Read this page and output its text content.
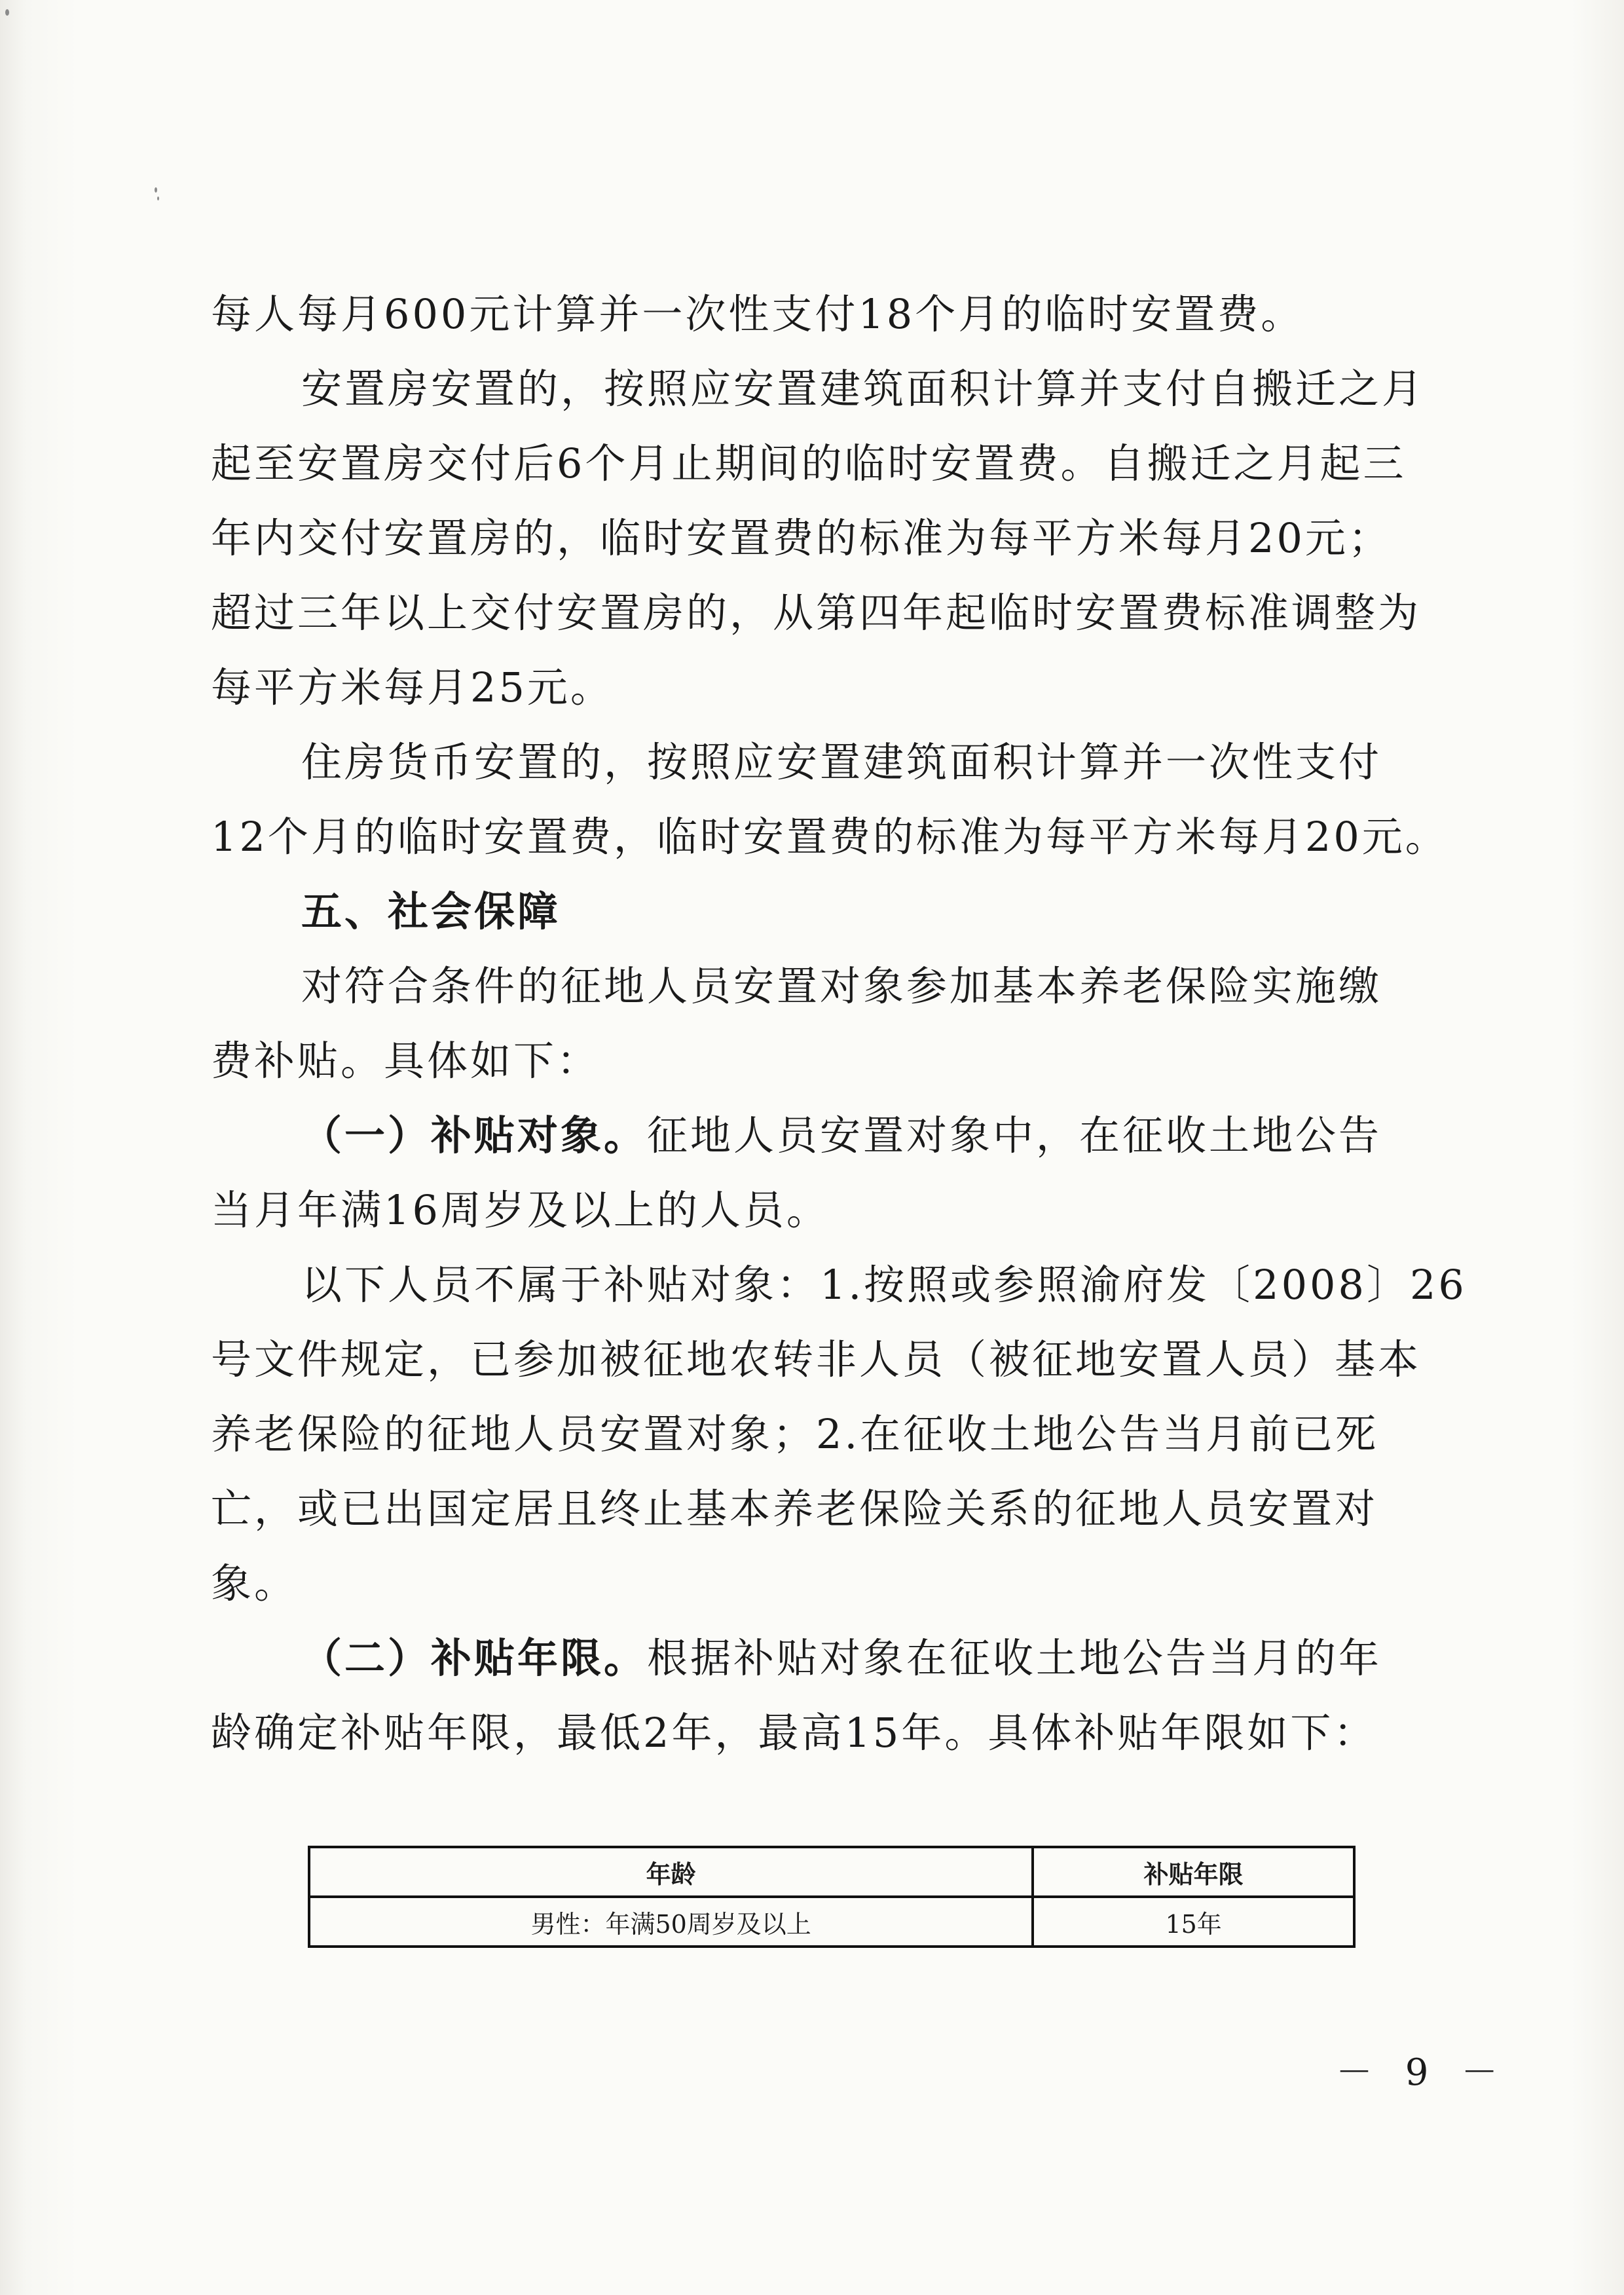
每人每月600元计算并一次性支付18个月的临时安置费。
安置房安置的，按照应安置建筑面积计算并支付自搬迁之月
起至安置房交付后6个月止期间的临时安置费。自搬迁之月起三
年内交付安置房的，临时安置费的标准为每平方米每月20元；
超过三年以上交付安置房的，从第四年起临时安置费标准调整为
每平方米每月25元。
住房货币安置的，按照应安置建筑面积计算并一次性支付
12个月的临时安置费，临时安置费的标准为每平方米每月20元。
五、社会保障
对符合条件的征地人员安置对象参加基本养老保险实施缴
费补贴。具体如下：
（一）补贴对象。征地人员安置对象中，在征收土地公告
当月年满16周岁及以上的人员。
以下人员不属于补贴对象：1.按照或参照渝府发〔2008〕26
号文件规定，已参加被征地农转非人员（被征地安置人员）基本
养老保险的征地人员安置对象；2.在征收土地公告当月前已死
亡，或已出国定居且终止基本养老保险关系的征地人员安置对
象。
（二）补贴年限。根据补贴对象在征收土地公告当月的年
龄确定补贴年限，最低2年，最高15年。具体补贴年限如下：
年龄	补贴年限
男性：年满50周岁及以上	15年
－ 9 －
